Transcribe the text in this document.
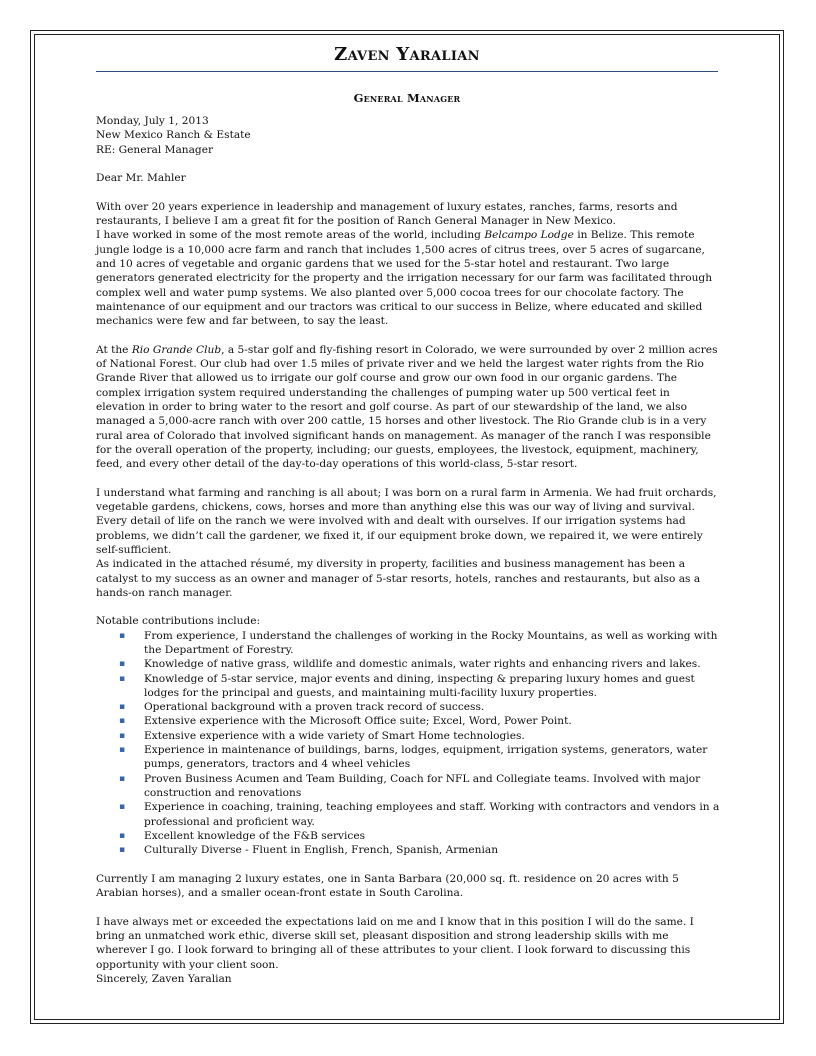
Zaven Yaralian
General Manager

Monday, July 1, 2013

New Mexico Ranch & Estate

RE: General Manager

Dear Mr. Mahler

With over 20 years experience in leadership and management of luxury estates, ranches, farms, resorts and restaurants, I believe I am a great fit for the position of Ranch General Manager in New Mexico.

I have worked in some of the most remote areas of the world, including Belcampo Lodge in Belize. This remote jungle lodge is a 10,000 acre farm and ranch that includes 1,500 acres of citrus trees, over 5 acres of sugarcane, and 10 acres of vegetable and organic gardens that we used for the 5-star hotel and restaurant. Two large generators generated electricity for the property and the irrigation necessary for our farm was facilitated through complex well and water pump systems. We also planted over 5,000 cocoa trees for our chocolate factory. The maintenance of our equipment and our tractors was critical to our success in Belize, where educated and skilled mechanics were few and far between, to say the least.

At the Rio Grande Club, a 5-star golf and fly-fishing resort in Colorado, we were surrounded by over 2 million acres of National Forest. Our club had over 1.5 miles of private river and we held the largest water rights from the Rio Grande River that allowed us to irrigate our golf course and grow our own food in our organic gardens. The complex irrigation system required understanding the challenges of pumping water up 500 vertical feet in elevation in order to bring water to the resort and golf course. As part of our stewardship of the land, we also managed a 5,000-acre ranch with over 200 cattle, 15 horses and other livestock. The Rio Grande club is in a very rural area of Colorado that involved significant hands on management. As manager of the ranch I was responsible for the overall operation of the property, including; our guests, employees, the livestock, equipment, machinery, feed, and every other detail of the day-to-day operations of this world-class, 5-star resort.

I understand what farming and ranching is all about; I was born on a rural farm in Armenia. We had fruit orchards, vegetable gardens, chickens, cows, horses and more than anything else this was our way of living and survival. Every detail of life on the ranch we were involved with and dealt with ourselves. If our irrigation systems had problems, we didn’t call the gardener, we fixed it, if our equipment broke down, we repaired it, we were entirely self-sufficient.

As indicated in the attached résumé, my diversity in property, facilities and business management has been a catalyst to my success as an owner and manager of 5-star resorts, hotels, ranches and restaurants, but also as a hands-on ranch manager.

Notable contributions include:

▪ From experience, I understand the challenges of working in the Rocky Mountains, as well as working with the Department of Forestry.
▪ Knowledge of native grass, wildlife and domestic animals, water rights and enhancing rivers and lakes.
▪ Knowledge of 5-star service, major events and dining, inspecting & preparing luxury homes and guest lodges for the principal and guests, and maintaining multi-facility luxury properties.
▪ Operational background with a proven track record of success.
▪ Extensive experience with the Microsoft Office suite; Excel, Word, Power Point.
▪ Extensive experience with a wide variety of Smart Home technologies.
▪ Experience in maintenance of buildings, barns, lodges, equipment, irrigation systems, generators, water pumps, generators, tractors and 4 wheel vehicles
▪ Proven Business Acumen and Team Building, Coach for NFL and Collegiate teams. Involved with major construction and renovations
▪ Experience in coaching, training, teaching employees and staff. Working with contractors and vendors in a professional and proficient way.
▪ Excellent knowledge of the F&B services
▪ Culturally Diverse - Fluent in English, French, Spanish, Armenian

Currently I am managing 2 luxury estates, one in Santa Barbara (20,000 sq. ft. residence on 20 acres with 5 Arabian horses), and a smaller ocean-front estate in South Carolina.

I have always met or exceeded the expectations laid on me and I know that in this position I will do the same. I bring an unmatched work ethic, diverse skill set, pleasant disposition and strong leadership skills with me wherever I go. I look forward to bringing all of these attributes to your client. I look forward to discussing this opportunity with your client soon.

Sincerely, Zaven Yaralian
